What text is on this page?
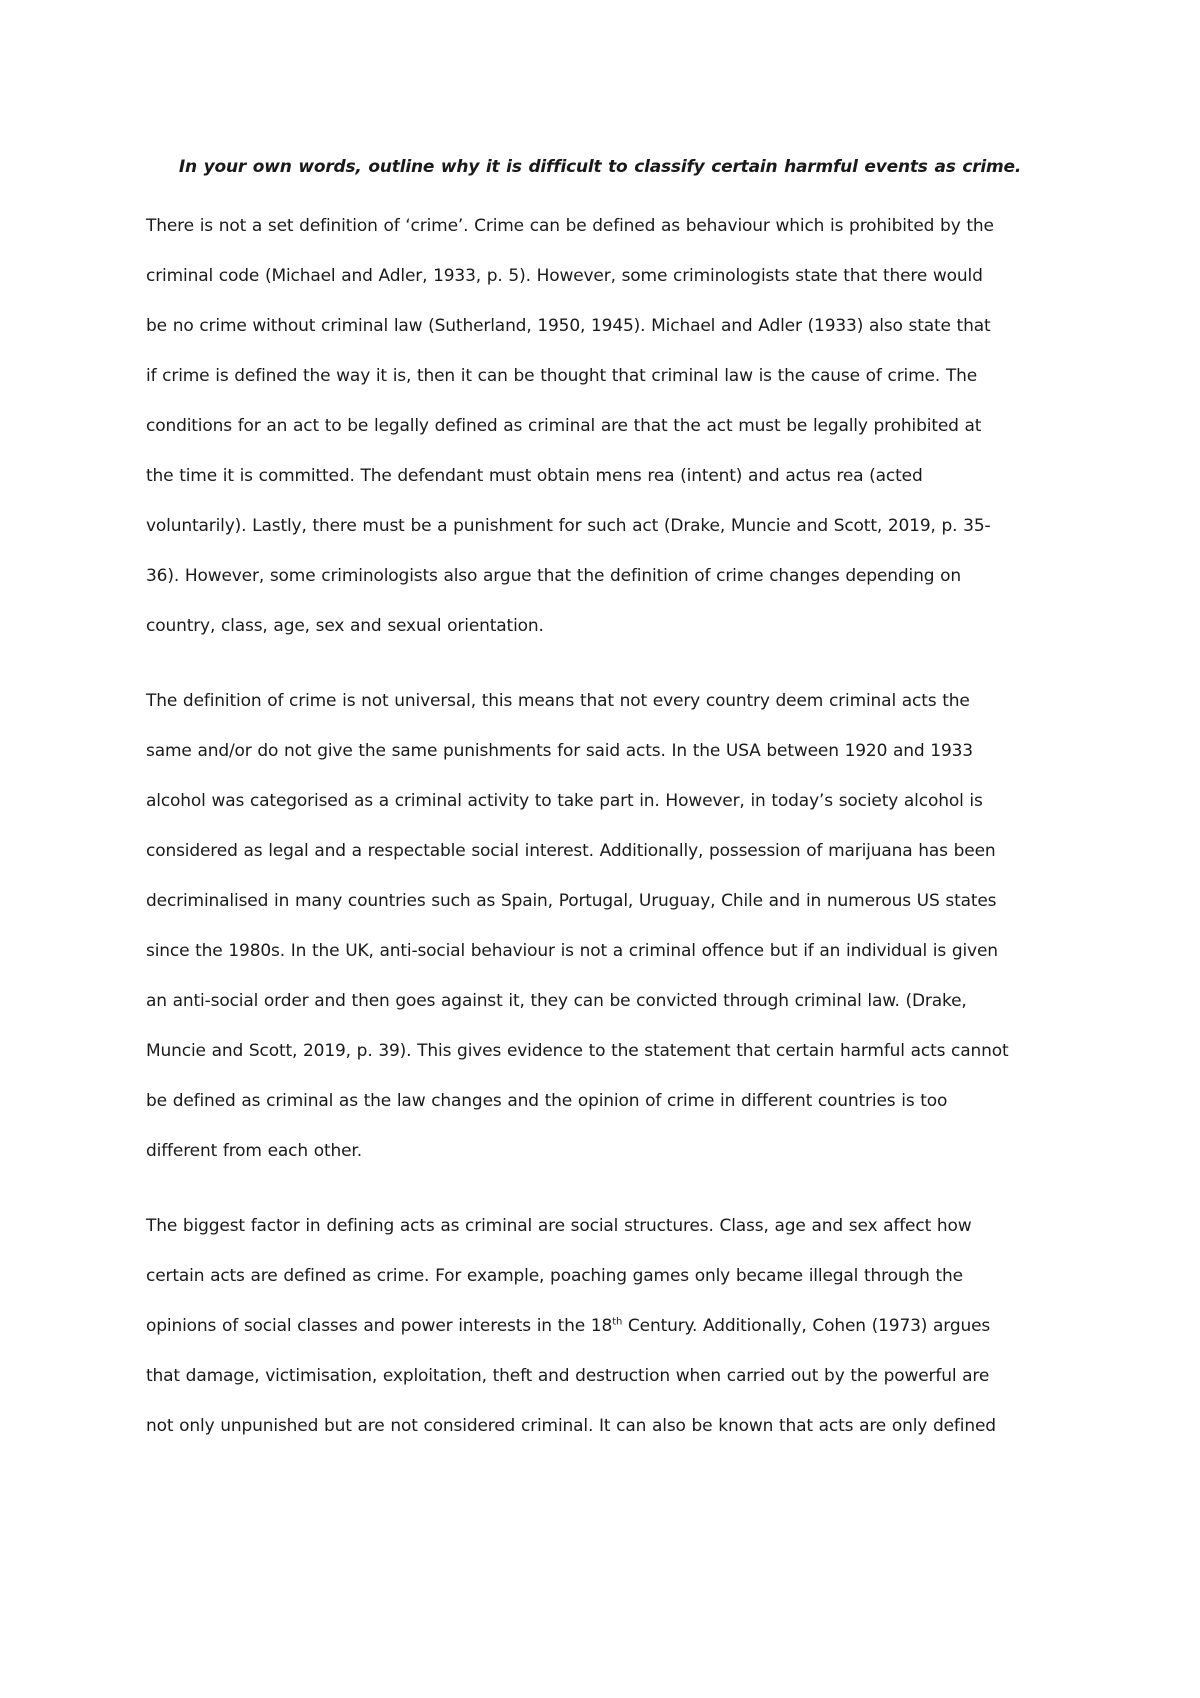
In your own words, outline why it is difficult to classify certain harmful events as crime.

There is not a set definition of ‘crime’. Crime can be defined as behaviour which is prohibited by the

criminal code (Michael and Adler, 1933, p. 5). However, some criminologists state that there would

be no crime without criminal law (Sutherland, 1950, 1945). Michael and Adler (1933) also state that

if crime is defined the way it is, then it can be thought that criminal law is the cause of crime. The

conditions for an act to be legally defined as criminal are that the act must be legally prohibited at

the time it is committed. The defendant must obtain mens rea (intent) and actus rea (acted

voluntarily). Lastly, there must be a punishment for such act (Drake, Muncie and Scott, 2019, p. 35-

36). However, some criminologists also argue that the definition of crime changes depending on

country, class, age, sex and sexual orientation.

The definition of crime is not universal, this means that not every country deem criminal acts the

same and/or do not give the same punishments for said acts. In the USA between 1920 and 1933

alcohol was categorised as a criminal activity to take part in. However, in today’s society alcohol is

considered as legal and a respectable social interest. Additionally, possession of marijuana has been

decriminalised in many countries such as Spain, Portugal, Uruguay, Chile and in numerous US states

since the 1980s. In the UK, anti-social behaviour is not a criminal offence but if an individual is given

an anti-social order and then goes against it, they can be convicted through criminal law. (Drake,

Muncie and Scott, 2019, p. 39). This gives evidence to the statement that certain harmful acts cannot

be defined as criminal as the law changes and the opinion of crime in different countries is too

different from each other.

The biggest factor in defining acts as criminal are social structures. Class, age and sex affect how

certain acts are defined as crime. For example, poaching games only became illegal through the

opinions of social classes and power interests in the 18th Century. Additionally, Cohen (1973) argues

that damage, victimisation, exploitation, theft and destruction when carried out by the powerful are

not only unpunished but are not considered criminal. It can also be known that acts are only defined
